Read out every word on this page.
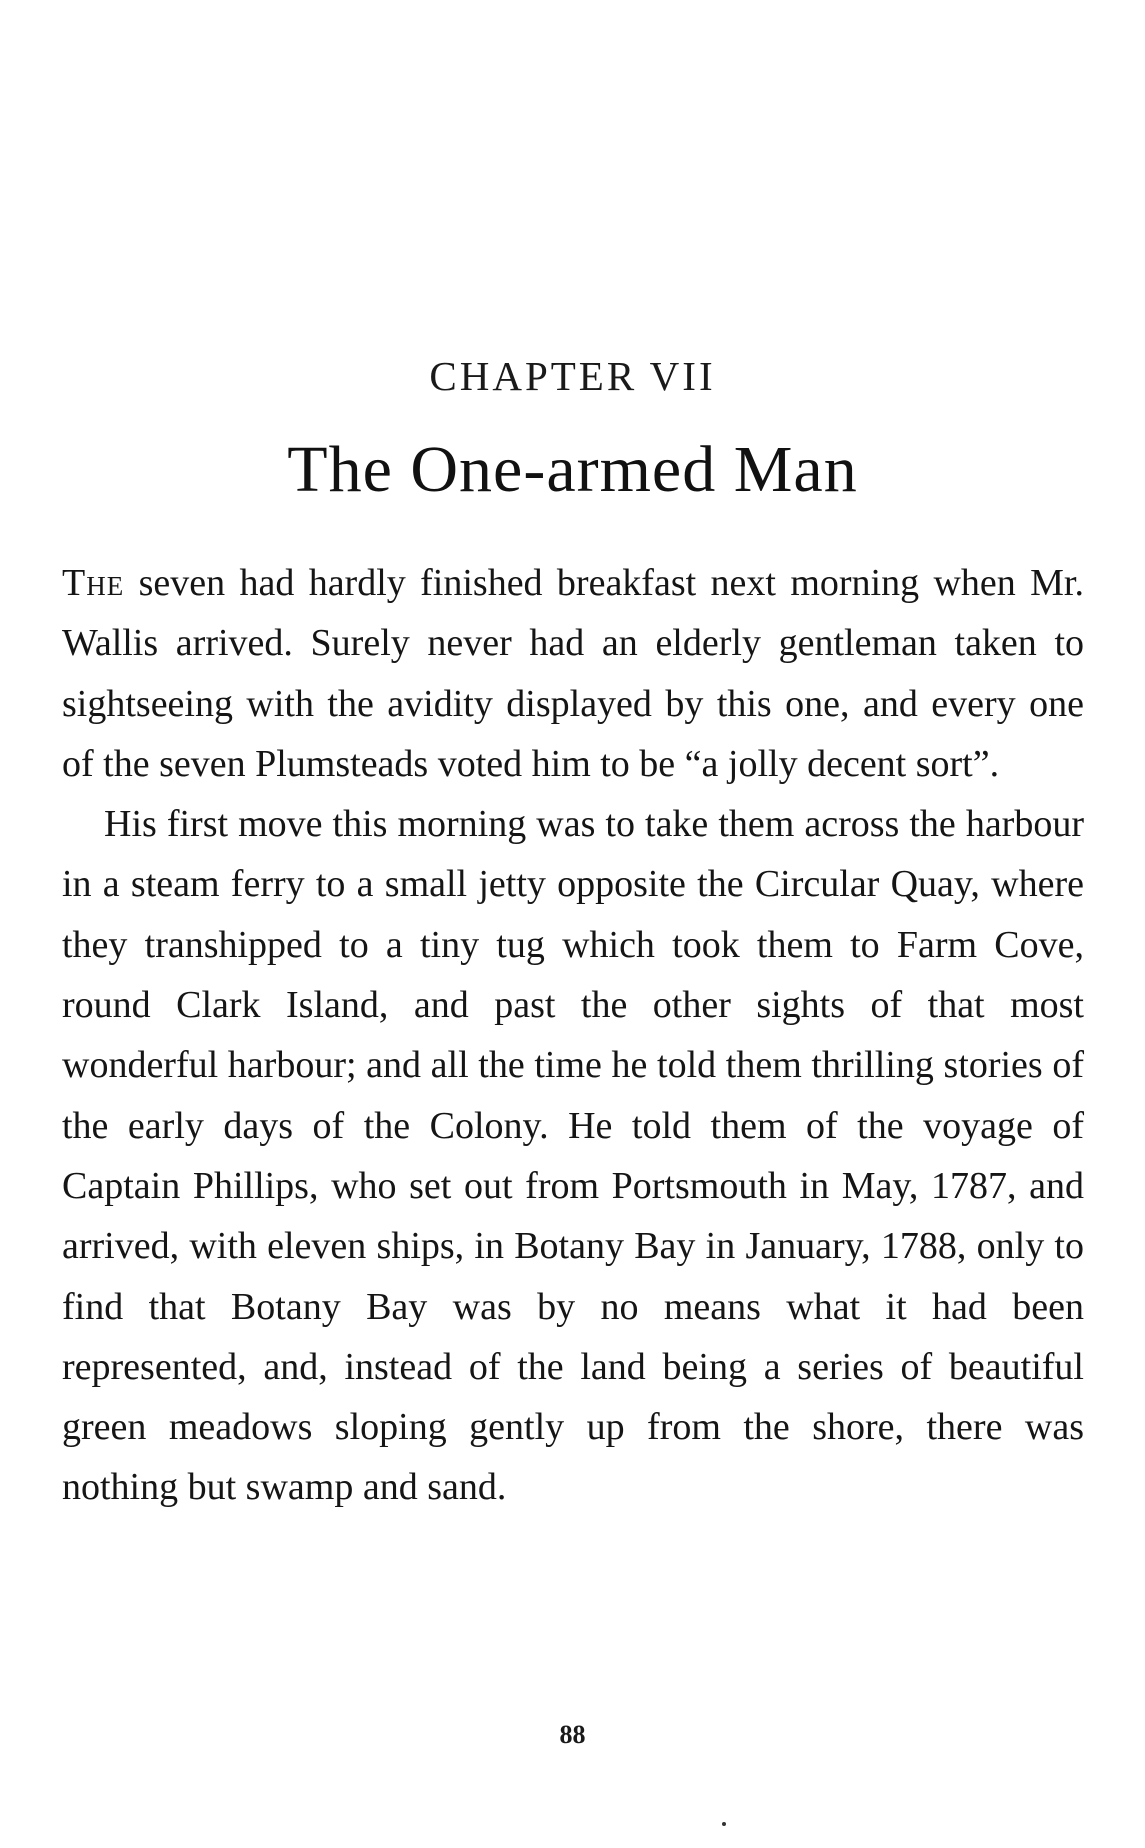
CHAPTER VII
The One-armed Man

The seven had hardly finished breakfast next morning when Mr. Wallis arrived. Surely never had an elderly gentleman taken to sightseeing with the avidity displayed by this one, and every one of the seven Plumsteads voted him to be “a jolly decent sort”.

His first move this morning was to take them across the harbour in a steam ferry to a small jetty opposite the Circular Quay, where they transhipped to a tiny tug which took them to Farm Cove, round Clark Island, and past the other sights of that most wonderful harbour; and all the time he told them thrilling stories of the early days of the Colony. He told them of the voyage of Captain Phillips, who set out from Portsmouth in May, 1787, and arrived, with eleven ships, in Botany Bay in January, 1788, only to find that Botany Bay was by no means what it had been represented, and, instead of the land being a series of beautiful green meadows sloping gently up from the shore, there was nothing but swamp and sand.

88
